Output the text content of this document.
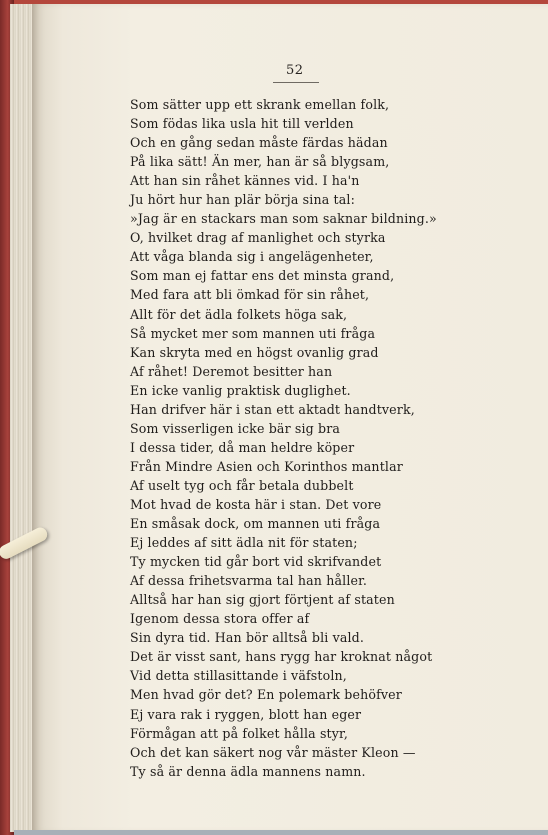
52
Som sätter upp ett skrank emellan folk,
Som födas lika usla hit till verlden
Och en gång sedan måste färdas hädan
På lika sätt! Än mer, han är så blygsam,
Att han sin råhet kännes vid. I ha'n
Ju hört hur han plär börja sina tal:
»Jag är en stackars man som saknar bildning.»
O, hvilket drag af manlighet och styrka
Att våga blanda sig i angelägenheter,
Som man ej fattar ens det minsta grand,
Med fara att bli ömkad för sin råhet,
Allt för det ädla folkets höga sak,
Så mycket mer som mannen uti fråga
Kan skryta med en högst ovanlig grad
Af råhet! Deremot besitter han
En icke vanlig praktisk duglighet.
Han drifver här i stan ett aktadt handtverk,
Som visserligen icke bär sig bra
I dessa tider, då man heldre köper
Från Mindre Asien och Korinthos mantlar
Af uselt tyg och får betala dubbelt
Mot hvad de kosta här i stan. Det vore
En småsak dock, om mannen uti fråga
Ej leddes af sitt ädla nit för staten;
Ty mycken tid går bort vid skrifvandet
Af dessa frihetsvarma tal han håller.
Alltså har han sig gjort förtjent af staten
Igenom dessa stora offer af
Sin dyra tid. Han bör alltså bli vald.
Det är visst sant, hans rygg har kroknat något
Vid detta stillasittande i väfstoln,
Men hvad gör det? En polemark behöfver
Ej vara rak i ryggen, blott han eger
Förmågan att på folket hålla styr,
Och det kan säkert nog vår mäster Kleon —
Ty så är denna ädla mannens namn.
